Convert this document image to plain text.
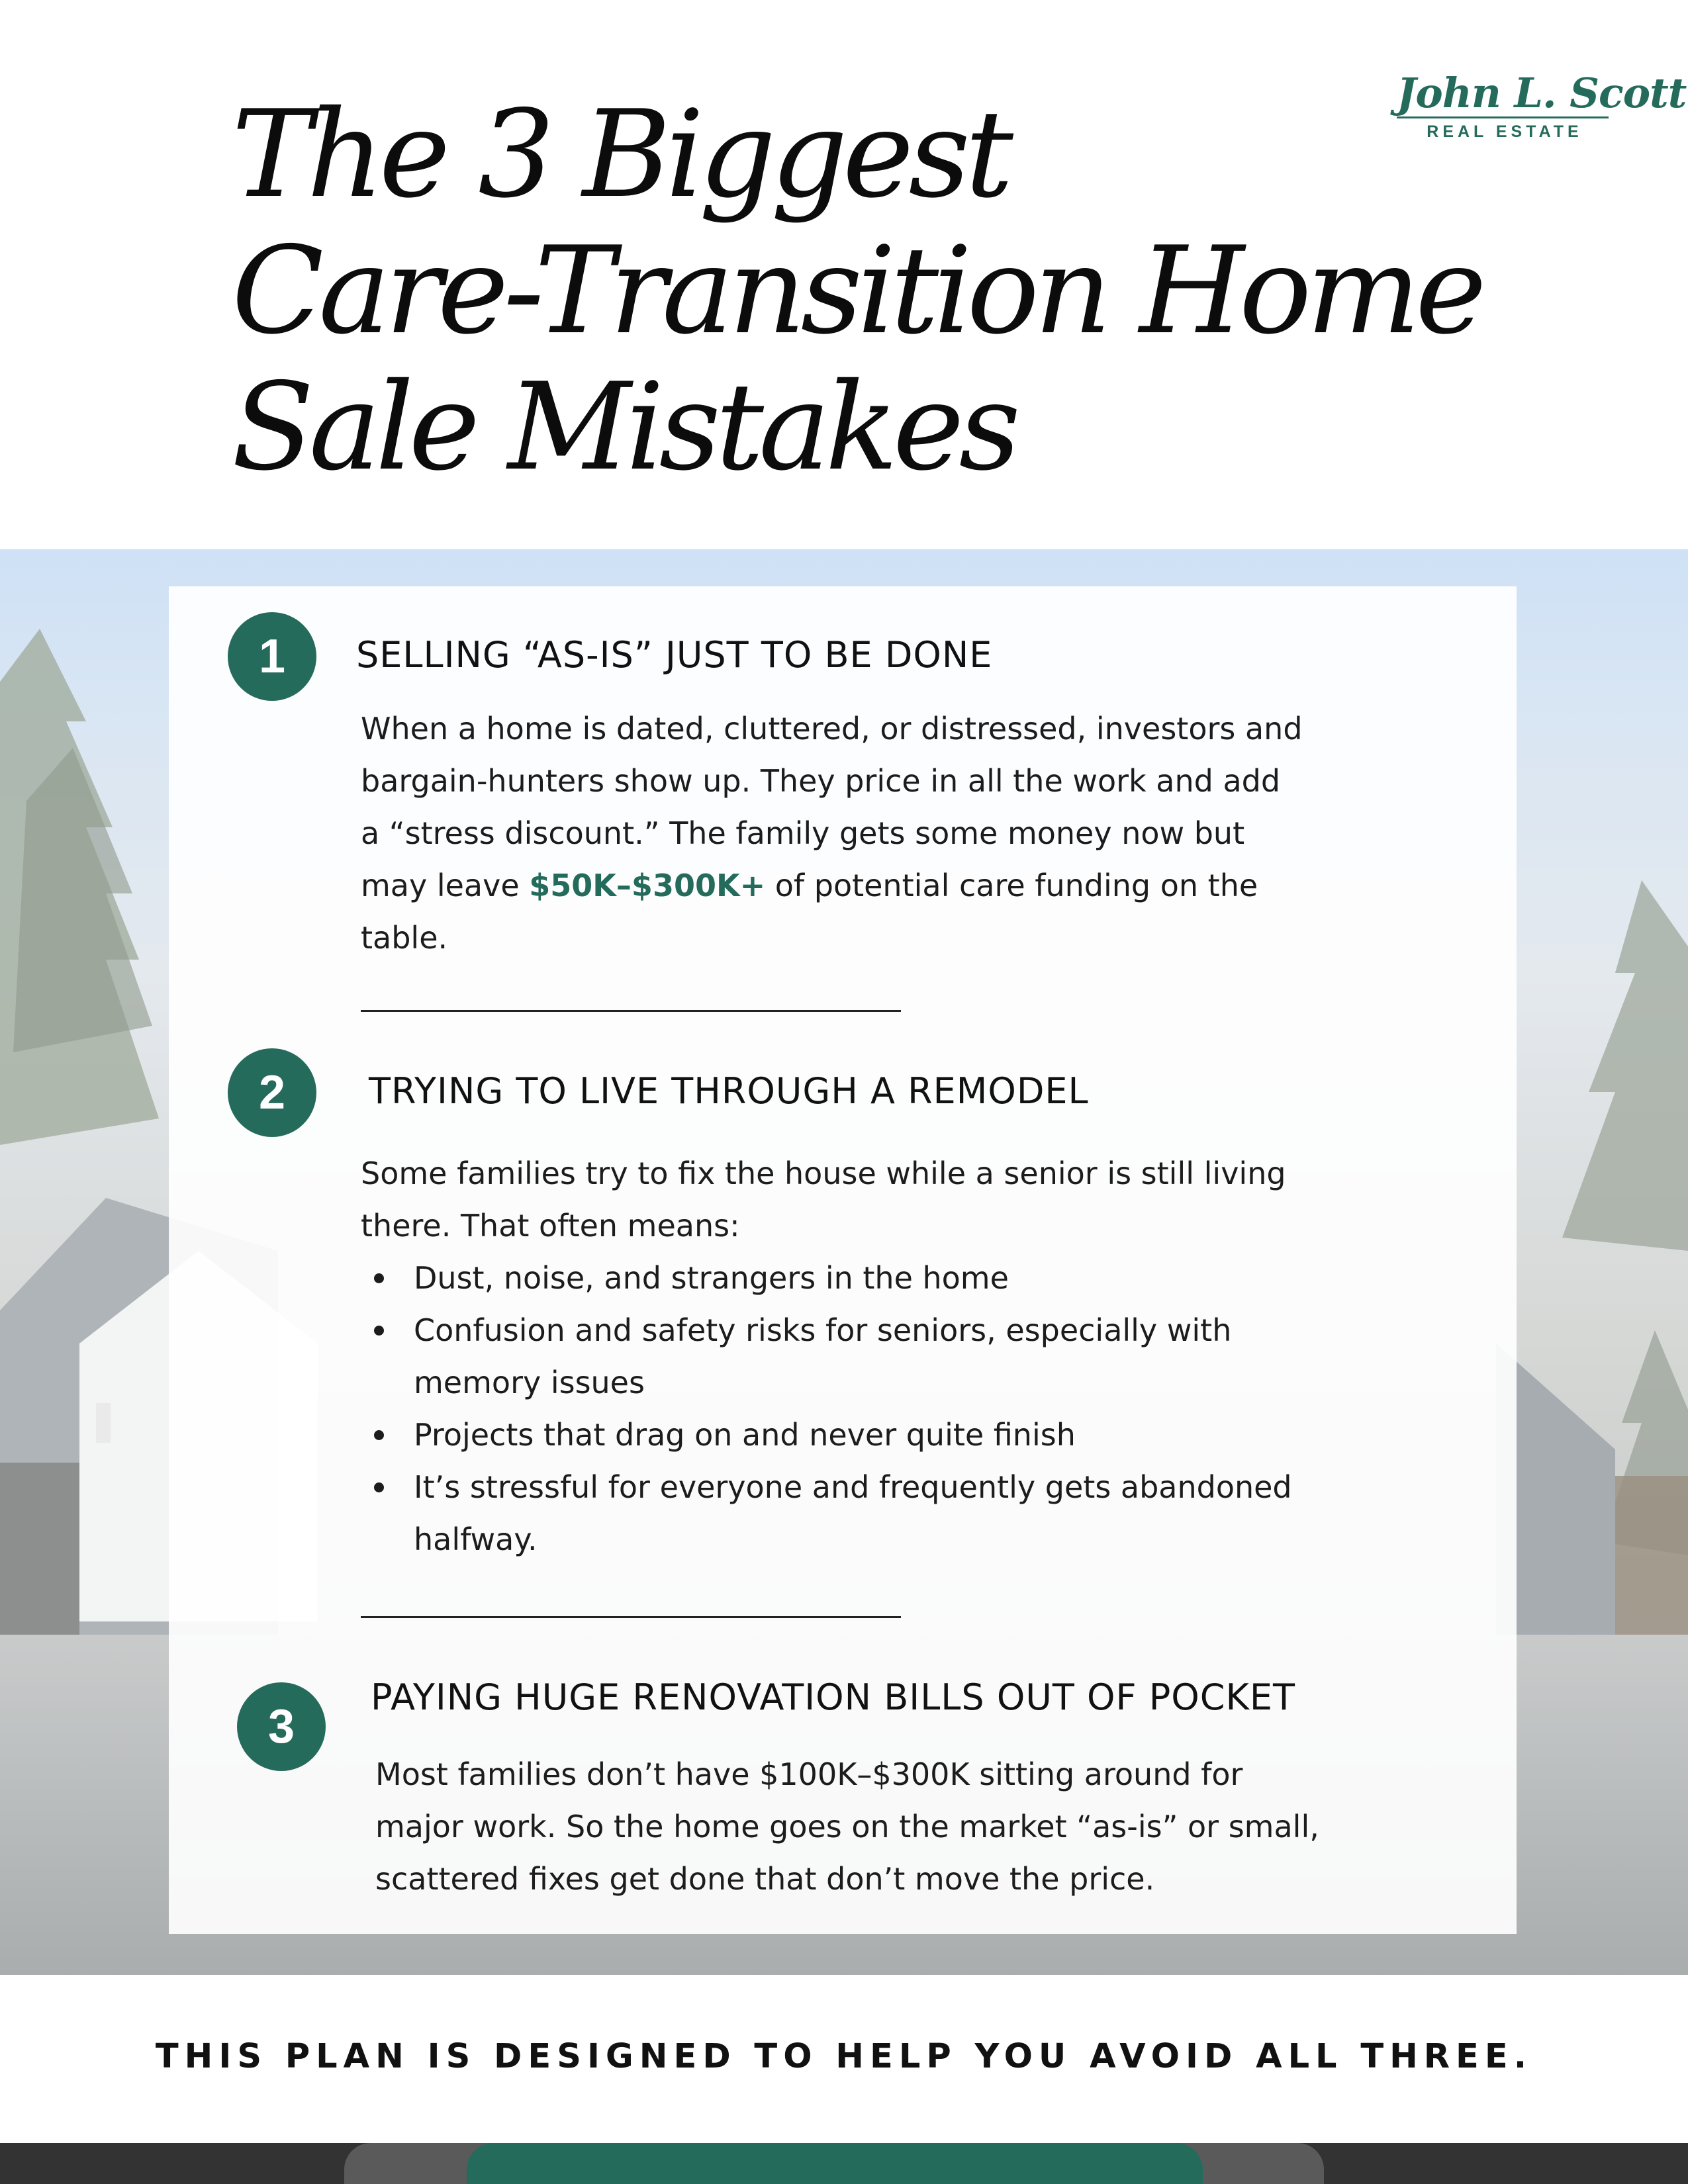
The 3 Biggest
Care-Transition Home
Sale Mistakes
John L. Scott
REAL ESTATE
1	SELLING “AS-IS” JUST TO BE DONE

When a home is dated, cluttered, or distressed, investors and
bargain-hunters show up. They price in all the work and add
a “stress discount.” The family gets some money now but
may leave $50K–$300K+ of potential care funding on the
table.

2	TRYING TO LIVE THROUGH A REMODEL

Some families try to fix the house while a senior is still living
there. That often means:

Dust, noise, and strangers in the home
Confusion and safety risks for seniors, especially with
memory issues
Projects that drag on and never quite finish
It’s stressful for everyone and frequently gets abandoned
halfway.
3
PAYING HUGE RENOVATION BILLS OUT OF POCKET

Most families don’t have $100K–$300K sitting around for
major work. So the home goes on the market “as-is” or small,
scattered fixes get done that don’t move the price.

THIS PLAN IS DESIGNED TO HELP YOU AVOID ALL THREE.
